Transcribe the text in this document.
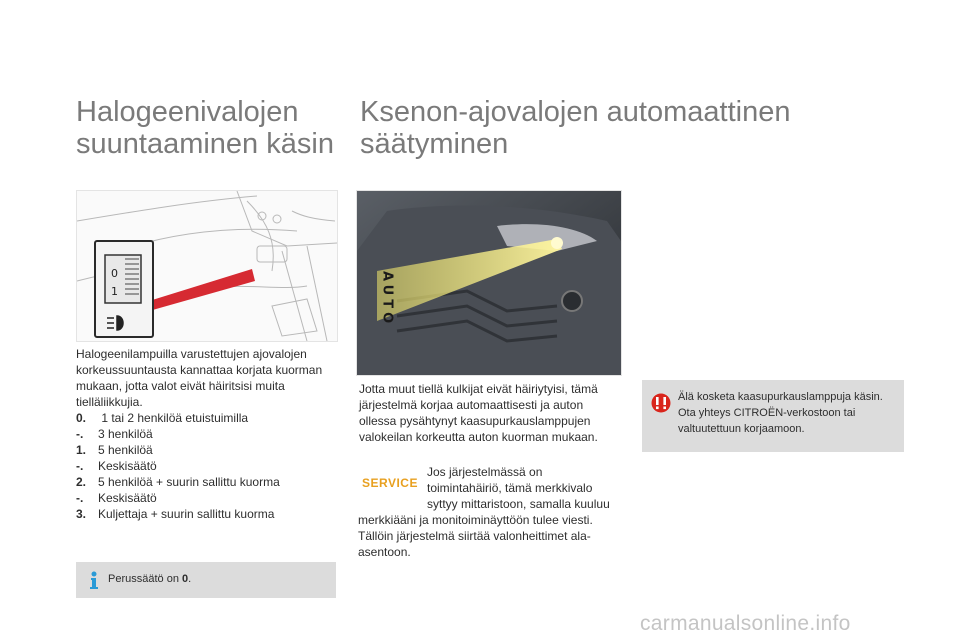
Halogeenivalojen
suuntaaminen käsin
0
1
Halogeenilampuilla varustettujen ajovalojen korkeussuuntausta kannattaa korjata kuorman mukaan, jotta valot eivät häiritsisi muita tielläliikkujia.
0. 1 tai 2 henkilöä etuistuimilla
-.	3 henkilöä
1. 5 henkilöä
-.	Keskisäätö
2. 5 henkilöä + suurin sallittu kuorma
-.	Keskisäätö
3. Kuljettaja + suurin sallittu kuorma
Perussäätö on 0.
Ksenon-ajovalojen automaattinen
säätyminen
AUTO
Jotta muut tiellä kulkijat eivät häiriytyisi, tämä järjestelmä korjaa automaattisesti ja auton ollessa pysähtynyt kaasupurkauslamppujen valokeilan korkeutta auton kuorman mukaan.
SERVICE
Jos järjestelmässä on
toimintahäiriö, tämä merkkivalo
syttyy mittaristoon, samalla kuuluu
merkkiääni ja monitoiminäyttöön tulee viesti. Tällöin järjestelmä siirtää valonheittimet ala-asentoon.
Älä kosketa kaasupurkauslamppuja käsin. Ota yhteys CITROËN-verkostoon tai valtuutettuun korjaamoon.
carmanualsonline.info
